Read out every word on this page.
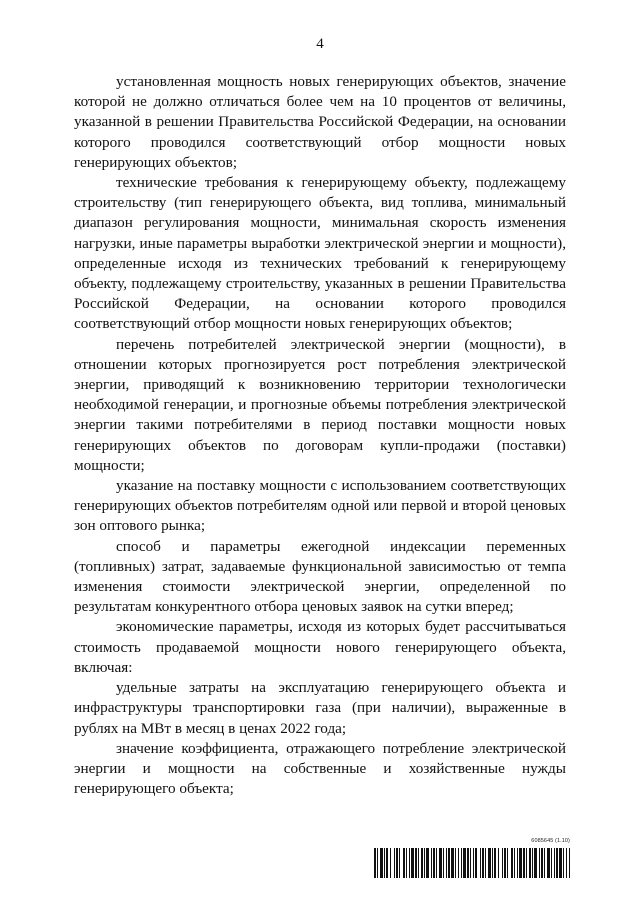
4

установленная мощность новых генерирующих объектов, значение которой не должно отличаться более чем на 10 процентов от величины, указанной в решении Правительства Российской Федерации, на основании которого проводился соответствующий отбор мощности новых генерирующих объектов;

технические требования к генерирующему объекту, подлежащему строительству (тип генерирующего объекта, вид топлива, минимальный диапазон регулирования мощности, минимальная скорость изменения нагрузки, иные параметры выработки электрической энергии и мощности), определенные исходя из технических требований к генерирующему объекту, подлежащему строительству, указанных в решении Правительства Российской Федерации, на основании которого проводился соответствующий отбор мощности новых генерирующих объектов;

перечень потребителей электрической энергии (мощности), в отношении которых прогнозируется рост потребления электрической энергии, приводящий к возникновению территории технологически необходимой генерации, и прогнозные объемы потребления электрической энергии такими потребителями в период поставки мощности новых генерирующих объектов по договорам купли-продажи (поставки) мощности;

указание на поставку мощности с использованием соответствующих генерирующих объектов потребителям одной или первой и второй ценовых зон оптового рынка;

способ и параметры ежегодной индексации переменных (топливных) затрат, задаваемые функциональной зависимостью от темпа изменения стоимости электрической энергии, определенной по результатам конкурентного отбора ценовых заявок на сутки вперед;

экономические параметры, исходя из которых будет рассчитываться стоимость продаваемой мощности нового генерирующего объекта, включая:

удельные затраты на эксплуатацию генерирующего объекта и инфраструктуры транспортировки газа (при наличии), выраженные в рублях на МВт в месяц в ценах 2022 года;

значение коэффициента, отражающего потребление электрической энергии и мощности на собственные и хозяйственные нужды генерирующего объекта;

6085645 (1.10)
